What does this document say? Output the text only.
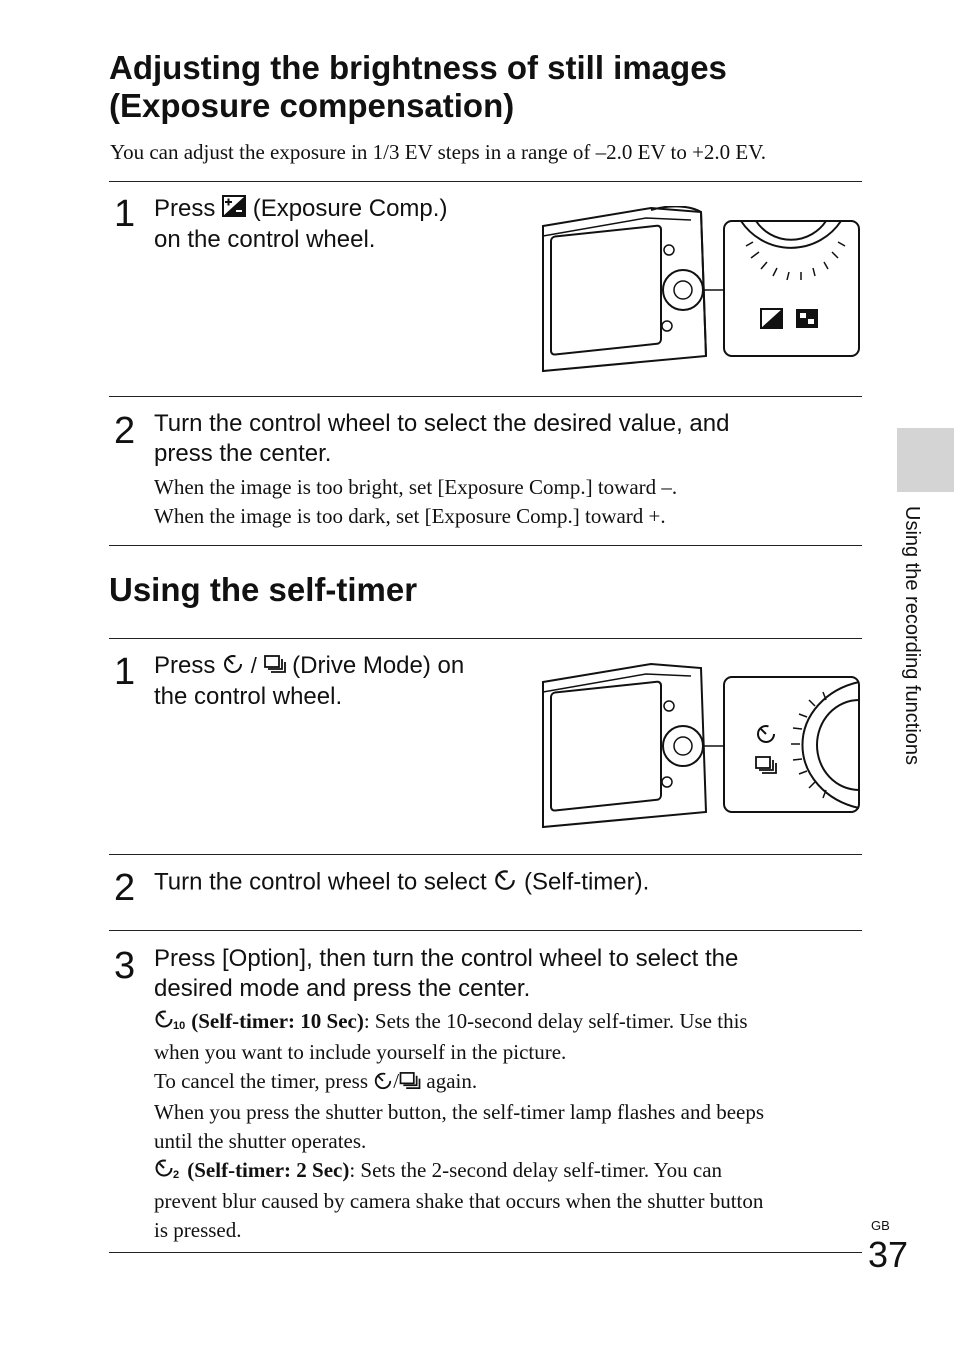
Adjusting the brightness of still images
(Exposure compensation)
You can adjust the exposure in 1/3 EV steps in a range of –2.0 EV to +2.0 EV.
1 Press (Exposure Comp.)
on the control wheel.
2 Turn the control wheel to select the desired value, and
press the center.
When the image is too bright, set [Exposure Comp.] toward –.
When the image is too dark, set [Exposure Comp.] toward +.
Using the self-timer
1 Press / (Drive Mode) on
the control wheel.
2 Turn the control wheel to select (Self-timer).
3 Press [Option], then turn the control wheel to select the
desired mode and press the center.
10 (Self-timer: 10 Sec): Sets the 10-second delay self-timer. Use this
when you want to include yourself in the picture.
To cancel the timer, press / again.
When you press the shutter button, the self-timer lamp flashes and beeps
until the shutter operates.
2 (Self-timer: 2 Sec): Sets the 2-second delay self-timer. You can
prevent blur caused by camera shake that occurs when the shutter button
is pressed.
Using the recording functions
GB
37
